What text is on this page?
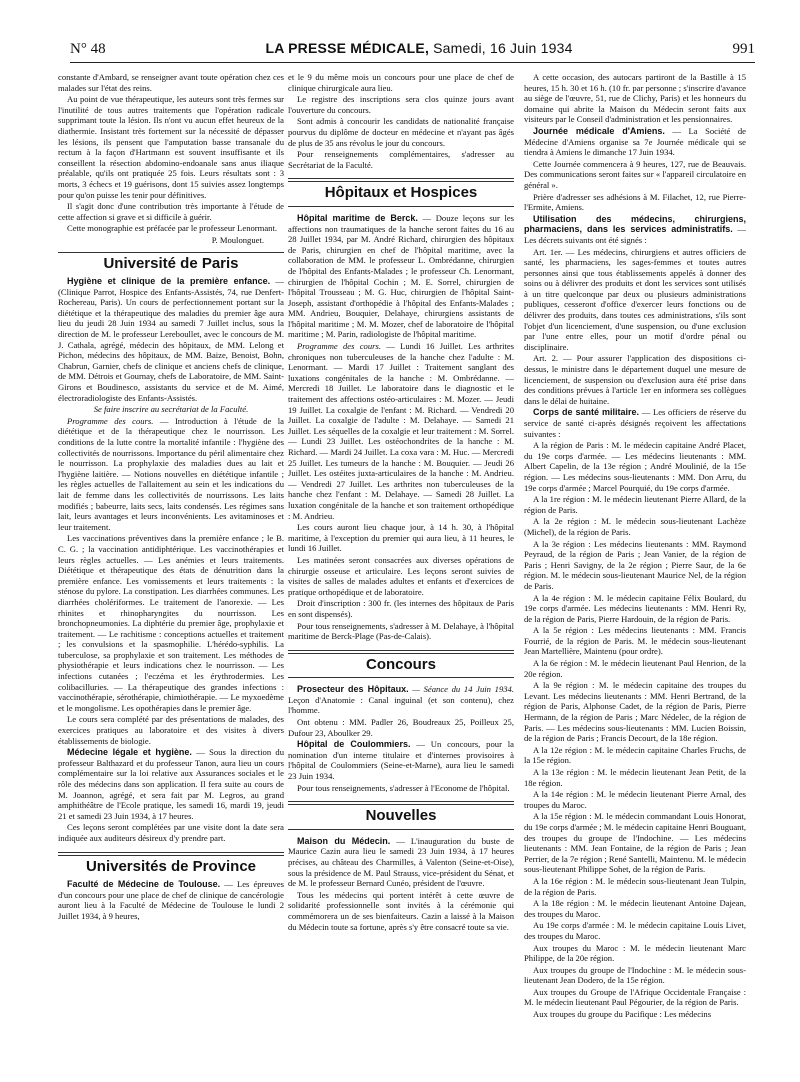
N° 48	LA PRESSE MÉDICALE, Samedi, 16 Juin 1934	991

constante d'Ambard, se renseigner avant toute opération chez ces malades sur l'état des reins.

Au point de vue thérapeutique, les auteurs sont très fermes sur l'inutilité de tous autres traitements que l'opération radicale supprimant toute la lésion. Ils n'ont vu aucun effet heureux de la diathermie. Insistant très fortement sur la nécessité de dépasser les lésions, ils pensent que l'amputation basse transanale du rectum à la façon d'Hartmann est souvent insuffisante et ils conseillent la résection abdomino-endoanale sans anus iliaque préalable, qu'ils ont pratiquée 25 fois. Leurs résultats sont : 3 morts, 3 échecs et 19 guérisons, dont 15 suivies assez longtemps pour qu'on puisse les tenir pour définitives.

Il s'agit donc d'une contribution très importante à l'étude de cette affection si grave et si difficile à guérir.

Cette monographie est préfacée par le professeur Lenormant.

P. Moulonguet.

Université de Paris

Hygiène et clinique de la première enfance. — (Clinique Parrot, Hospice des Enfants-Assistés, 74, rue Denfert-Rochereau, Paris). Un cours de perfectionnement portant sur la diététique et la thérapeutique des maladies du premier âge aura lieu du jeudi 28 Juin 1934 au samedi 7 Juillet inclus, sous la direction de M. le professeur Lereboullet, avec le concours de M. J. Cathala, agrégé, médecin des hôpitaux, de MM. Lelong et Pichon, médecins des hôpitaux, de MM. Baize, Benoist, Bohn, Chabrun, Garnier, chefs de clinique et anciens chefs de clinique, de MM. Détrois et Gournay, chefs de Laboratoire, de MM. Saint-Girons et Boudinesco, assistants du service et de M. Aimé, électroradiologiste des Enfants-Assistés.

Se faire inscrire au secrétariat de la Faculté.

Programme des cours. — Introduction à l'étude de la diététique et de la thérapeutique chez le nourrisson. Les conditions de la lutte contre la mortalité infantile : l'hygiène des collectivités de nourrissons. Importance du péril alimentaire chez le nourrisson. La prophylaxie des maladies dues au lait et l'hygiène laitière. — Notions nouvelles en diététique infantile ; les règles actuelles de l'allaitement au sein et les indications du lait de femme dans les collectivités de nourrissons. Les laits modifiés ; babeurre, laits secs, laits condensés. Les régimes sans lait, leurs avantages et leurs inconvénients. Les avitaminoses et leur traitement.

Les vaccinations préventives dans la première enfance ; le B. C. G. ; la vaccination antidiphtérique. Les vaccinothérapies et leurs règles actuelles. — Les anémies et leurs traitements. Diététique et thérapeutique des états de dénutrition dans la première enfance. Les vomissements et leurs traitements : la sténose du pylore. La constipation. Les diarrhées communes. Les diarrhées cholériformes. Le traitement de l'anorexie. — Les rhinites et rhinopharyngites du nourrisson. Les bronchopneumonies. La diphtérie du premier âge, prophylaxie et traitement. — Le rachitisme : conceptions actuelles et traitement ; les convulsions et la spasmophilie. L'hérédo-syphilis. La tuberculose, sa prophylaxie et son traitement. Les méthodes de physiothérapie et leurs indications chez le nourrisson. — Les infections cutanées ; l'eczéma et les érythrodermies. Les colibacilluries. — La thérapeutique des grandes infections : vaccinothérapie, sérothérapie, chimiothérapie. — Le myxoedème et le mongolisme. Les opothérapies dans le premier âge.

Le cours sera complété par des présentations de malades, des exercices pratiques au laboratoire et des visites à divers établissements de biologie.

Médecine légale et hygiène. — Sous la direction du professeur Balthazard et du professeur Tanon, aura lieu un cours complémentaire sur la loi relative aux Assurances sociales et le rôle des médecins dans son application. Il fera suite au cours de M. Joannon, agrégé, et sera fait par M. Legros, au grand amphithéâtre de l'Ecole pratique, les samedi 16, mardi 19, jeudi 21 et samedi 23 Juin 1934, à 17 heures.

Ces leçons seront complétées par une visite dont la date sera indiquée aux auditeurs désireux d'y prendre part.

Universités de Province

Faculté de Médecine de Toulouse. — Les épreuves d'un concours pour une place de chef de clinique de cancérologie auront lieu à la Faculté de Médecine de Toulouse le lundi 2 Juillet 1934, à 9 heures,

et le 9 du même mois un concours pour une place de chef de clinique chirurgicale aura lieu.

Le registre des inscriptions sera clos quinze jours avant l'ouverture du concours.

Sont admis à concourir les candidats de nationalité française pourvus du diplôme de docteur en médecine et n'ayant pas âgés de plus de 35 ans révolus le jour du concours.

Pour renseignements complémentaires, s'adresser au Secrétariat de la Faculté.

Hôpitaux et Hospices

Hôpital maritime de Berck. — Douze leçons sur les affections non traumatiques de la hanche seront faites du 16 au 28 Juillet 1934, par M. André Richard, chirurgien des hôpitaux de Paris, chirurgien en chef de l'hôpital maritime, avec la collaboration de MM. le professeur L. Ombrédanne, chirurgien de l'hôpital des Enfants-Malades ; le professeur Ch. Lenormant, chirurgien de l'hôpital Cochin ; M. E. Sorrel, chirurgien de l'hôpital Trousseau ; M. G. Huc, chirurgien de l'hôpital Saint-Joseph, assistant d'orthopédie à l'hôpital des Enfants-Malades ; MM. Andrieu, Bouquier, Delahaye, chirurgiens assistants de l'hôpital maritime ; M. M. Mozer, chef de laboratoire de l'hôpital maritime ; M. Parin, radiologiste de l'hôpital maritime.

Programme des cours. — Lundi 16 Juillet. Les arthrites chroniques non tuberculeuses de la hanche chez l'adulte : M. Lenormant. — Mardi 17 Juillet : Traitement sanglant des luxations congénitales de la hanche : M. Ombrédanne. — Mercredi 18 Juillet. Le laboratoire dans le diagnostic et le traitement des affections ostéo-articulaires : M. Mozer. — Jeudi 19 Juillet. La coxalgie de l'enfant : M. Richard. — Vendredi 20 Juillet. La coxalgie de l'adulte : M. Delahaye. — Samedi 21 Juillet. Les séquelles de la coxalgie et leur traitement : M. Sorrel. — Lundi 23 Juillet. Les ostéochondrites de la hanche : M. Richard. — Mardi 24 Juillet. La coxa vara : M. Huc. — Mercredi 25 Juillet. Les tumeurs de la hanche : M. Bouquier. — Jeudi 26 Juillet. Les ostéites juxta-articulaires de la hanche : M. Andrieu. — Vendredi 27 Juillet. Les arthrites non tuberculeuses de la hanche chez l'enfant : M. Delahaye. — Samedi 28 Juillet. La luxation congénitale de la hanche et son traitement orthopédique : M. Andrieu.

Les cours auront lieu chaque jour, à 14 h. 30, à l'hôpital maritime, à l'exception du premier qui aura lieu, à 11 heures, le lundi 16 Juillet.

Les matinées seront consacrées aux diverses opérations de chirurgie osseuse et articulaire. Les leçons seront suivies de visites de salles de malades adultes et enfants et d'exercices de pratique orthopédique et de laboratoire.

Droit d'inscription : 300 fr. (les internes des hôpitaux de Paris en sont dispensés).

Pour tous renseignements, s'adresser à M. Delahaye, à l'hôpital maritime de Berck-Plage (Pas-de-Calais).

Concours

Prosecteur des Hôpitaux. — Séance du 14 Juin 1934. Leçon d'Anatomie : Canal inguinal (et son contenu), chez l'homme.

Ont obtenu : MM. Padler 26, Boudreaux 25, Poilleux 25, Dufour 23, Aboulker 29.

Hôpital de Coulommiers. — Un concours, pour la nomination d'un interne titulaire et d'internes provisoires à l'hôpital de Coulommiers (Seine-et-Marne), aura lieu le samedi 23 Juin 1934.

Pour tous renseignements, s'adresser à l'Econome de l'hôpital.

Nouvelles

Maison du Médecin. — L'inauguration du buste de Maurice Cazin aura lieu le samedi 23 Juin 1934, à 17 heures précises, au château des Charmilles, à Valenton (Seine-et-Oise), sous la présidence de M. Paul Strauss, vice-président du Sénat, et de M. le professeur Bernard Cunéo, président de l'œuvre.

Tous les médecins qui portent intérêt à cette œuvre de solidarité professionnelle sont invités à la cérémonie qui commémorera un de ses bienfaiteurs. Cazin a laissé à la Maison du Médecin toute sa fortune, après s'y être consacré toute sa vie.

A cette occasion, des autocars partiront de la Bastille à 15 heures, 15 h. 30 et 16 h. (10 fr. par personne ; s'inscrire d'avance au siège de l'œuvre, 51, rue de Clichy, Paris) et les honneurs du domaine qui abrite la Maison du Médecin seront faits aux visiteurs par le Conseil d'administration et les pensionnaires.

Journée médicale d'Amiens. — La Société de Médecine d'Amiens organise sa 7e Journée médicale qui se tiendra à Amiens le dimanche 17 Juin 1934.

Cette Journée commencera à 9 heures, 127, rue de Beauvais. Des communications seront faites sur « l'appareil circulatoire en général ».

Prière d'adresser ses adhésions à M. Filachet, 12, rue Pierre-l'Ermite, Amiens.

Utilisation des médecins, chirurgiens, pharmaciens, dans les services administratifs. — Les décrets suivants ont été signés :

Art. 1er. — Les médecins, chirurgiens et autres officiers de santé, les pharmaciens, les sages-femmes et toutes autres personnes ainsi que tous établissements appelés à donner des soins ou à délivrer des produits et dont les services sont utilisés à un titre quelconque par deux ou plusieurs administrations publiques, cesseront d'office d'exercer leurs fonctions ou de délivrer des produits, dans toutes ces administrations, s'ils sont l'objet d'un licenciement, d'une suspension, ou d'une exclusion par l'une entre elles, pour un motif d'ordre pénal ou disciplinaire.

Art. 2. — Pour assurer l'application des dispositions ci-dessus, le ministre dans le département duquel une mesure de licenciement, de suspension ou d'exclusion aura été prise dans des conditions prévues à l'article 1er en informera ses collègues dans le délai de huitaine.

Corps de santé militaire. — Les officiers de réserve du service de santé ci-après désignés reçoivent les affectations suivantes :

A la région de Paris : M. le médecin capitaine André Placet, du 19e corps d'armée. — Les médecins lieutenants : MM. Albert Capelin, de la 13e région ; André Moulinié, de la 15e région. — Les médecins sous-lieutenants : MM. Don Arru, du 19e corps d'armée ; Marcel Pourquié, du 19e corps d'armée.

A la 1re région : M. le médecin lieutenant Pierre Allard, de la région de Paris.

A la 2e région : M. le médecin sous-lieutenant Lachèze (Michel), de la région de Paris.

A la 3e région : Les médecins lieutenants : MM. Raymond Peyraud, de la région de Paris ; Jean Vanier, de la région de Paris ; Henri Savigny, de la 2e région ; Pierre Saur, de la 6e région. M. le médecin sous-lieutenant Maurice Nel, de la région de Paris.

A la 4e région : M. le médecin capitaine Félix Boulard, du 19e corps d'armée. Les médecins lieutenants : MM. Henri Ry, de la région de Paris, Pierre Hardouin, de la région de Paris.

A la 5e région : Les médecins lieutenants : MM. Francis Fourrié, de la région de Paris. M. le médecin sous-lieutenant Jean Martellière, Maintenu (pour ordre).

A la 6e région : M. le médecin lieutenant Paul Henrion, de la 20e région.

A la 9e région : M. le médecin capitaine des troupes du Levant. Les médecins lieutenants : MM. Henri Bertrand, de la région de Paris, Alphonse Cadet, de la région de Paris, Pierre Hermann, de la région de Paris ; Marc Nédelec, de la région de Paris. — Les médecins sous-lieutenants : MM. Lucien Boissin, de la région de Paris ; Francis Decourt, de la 18e région.

A la 12e région : M. le médecin capitaine Charles Fruchs, de la 15e région.

A la 13e région : M. le médecin lieutenant Jean Petit, de la 18e région.

A la 14e région : M. le médecin lieutenant Pierre Arnal, des troupes du Maroc.

A la 15e région : M. le médecin commandant Louis Honorat, du 19e corps d'armée ; M. le médecin capitaine Henri Bouguant, des troupes du groupe de l'Indochine. — Les médecins lieutenants : MM. Jean Fontaine, de la région de Paris ; Jean Perrier, de la 7e région ; René Santelli, Maintenu. M. le médecin sous-lieutenant Philippe Sohet, de la région de Paris.

A la 16e région : M. le médecin sous-lieutenant Jean Tulpin, de la région de Paris.

A la 18e région : M. le médecin lieutenant Antoine Dajean, des troupes du Maroc.

Au 19e corps d'armée : M. le médecin capitaine Louis Livet, des troupes du Maroc.

Aux troupes du Maroc : M. le médecin lieutenant Marc Philippe, de la 20e région.

Aux troupes du groupe de l'Indochine : M. le médecin sous-lieutenant Jean Dodero, de la 15e région.

Aux troupes du Groupe de l'Afrique Occidentale Française : M. le médecin lieutenant Paul Pégourier, de la région de Paris.

Aux troupes du groupe du Pacifique : Les médecins
